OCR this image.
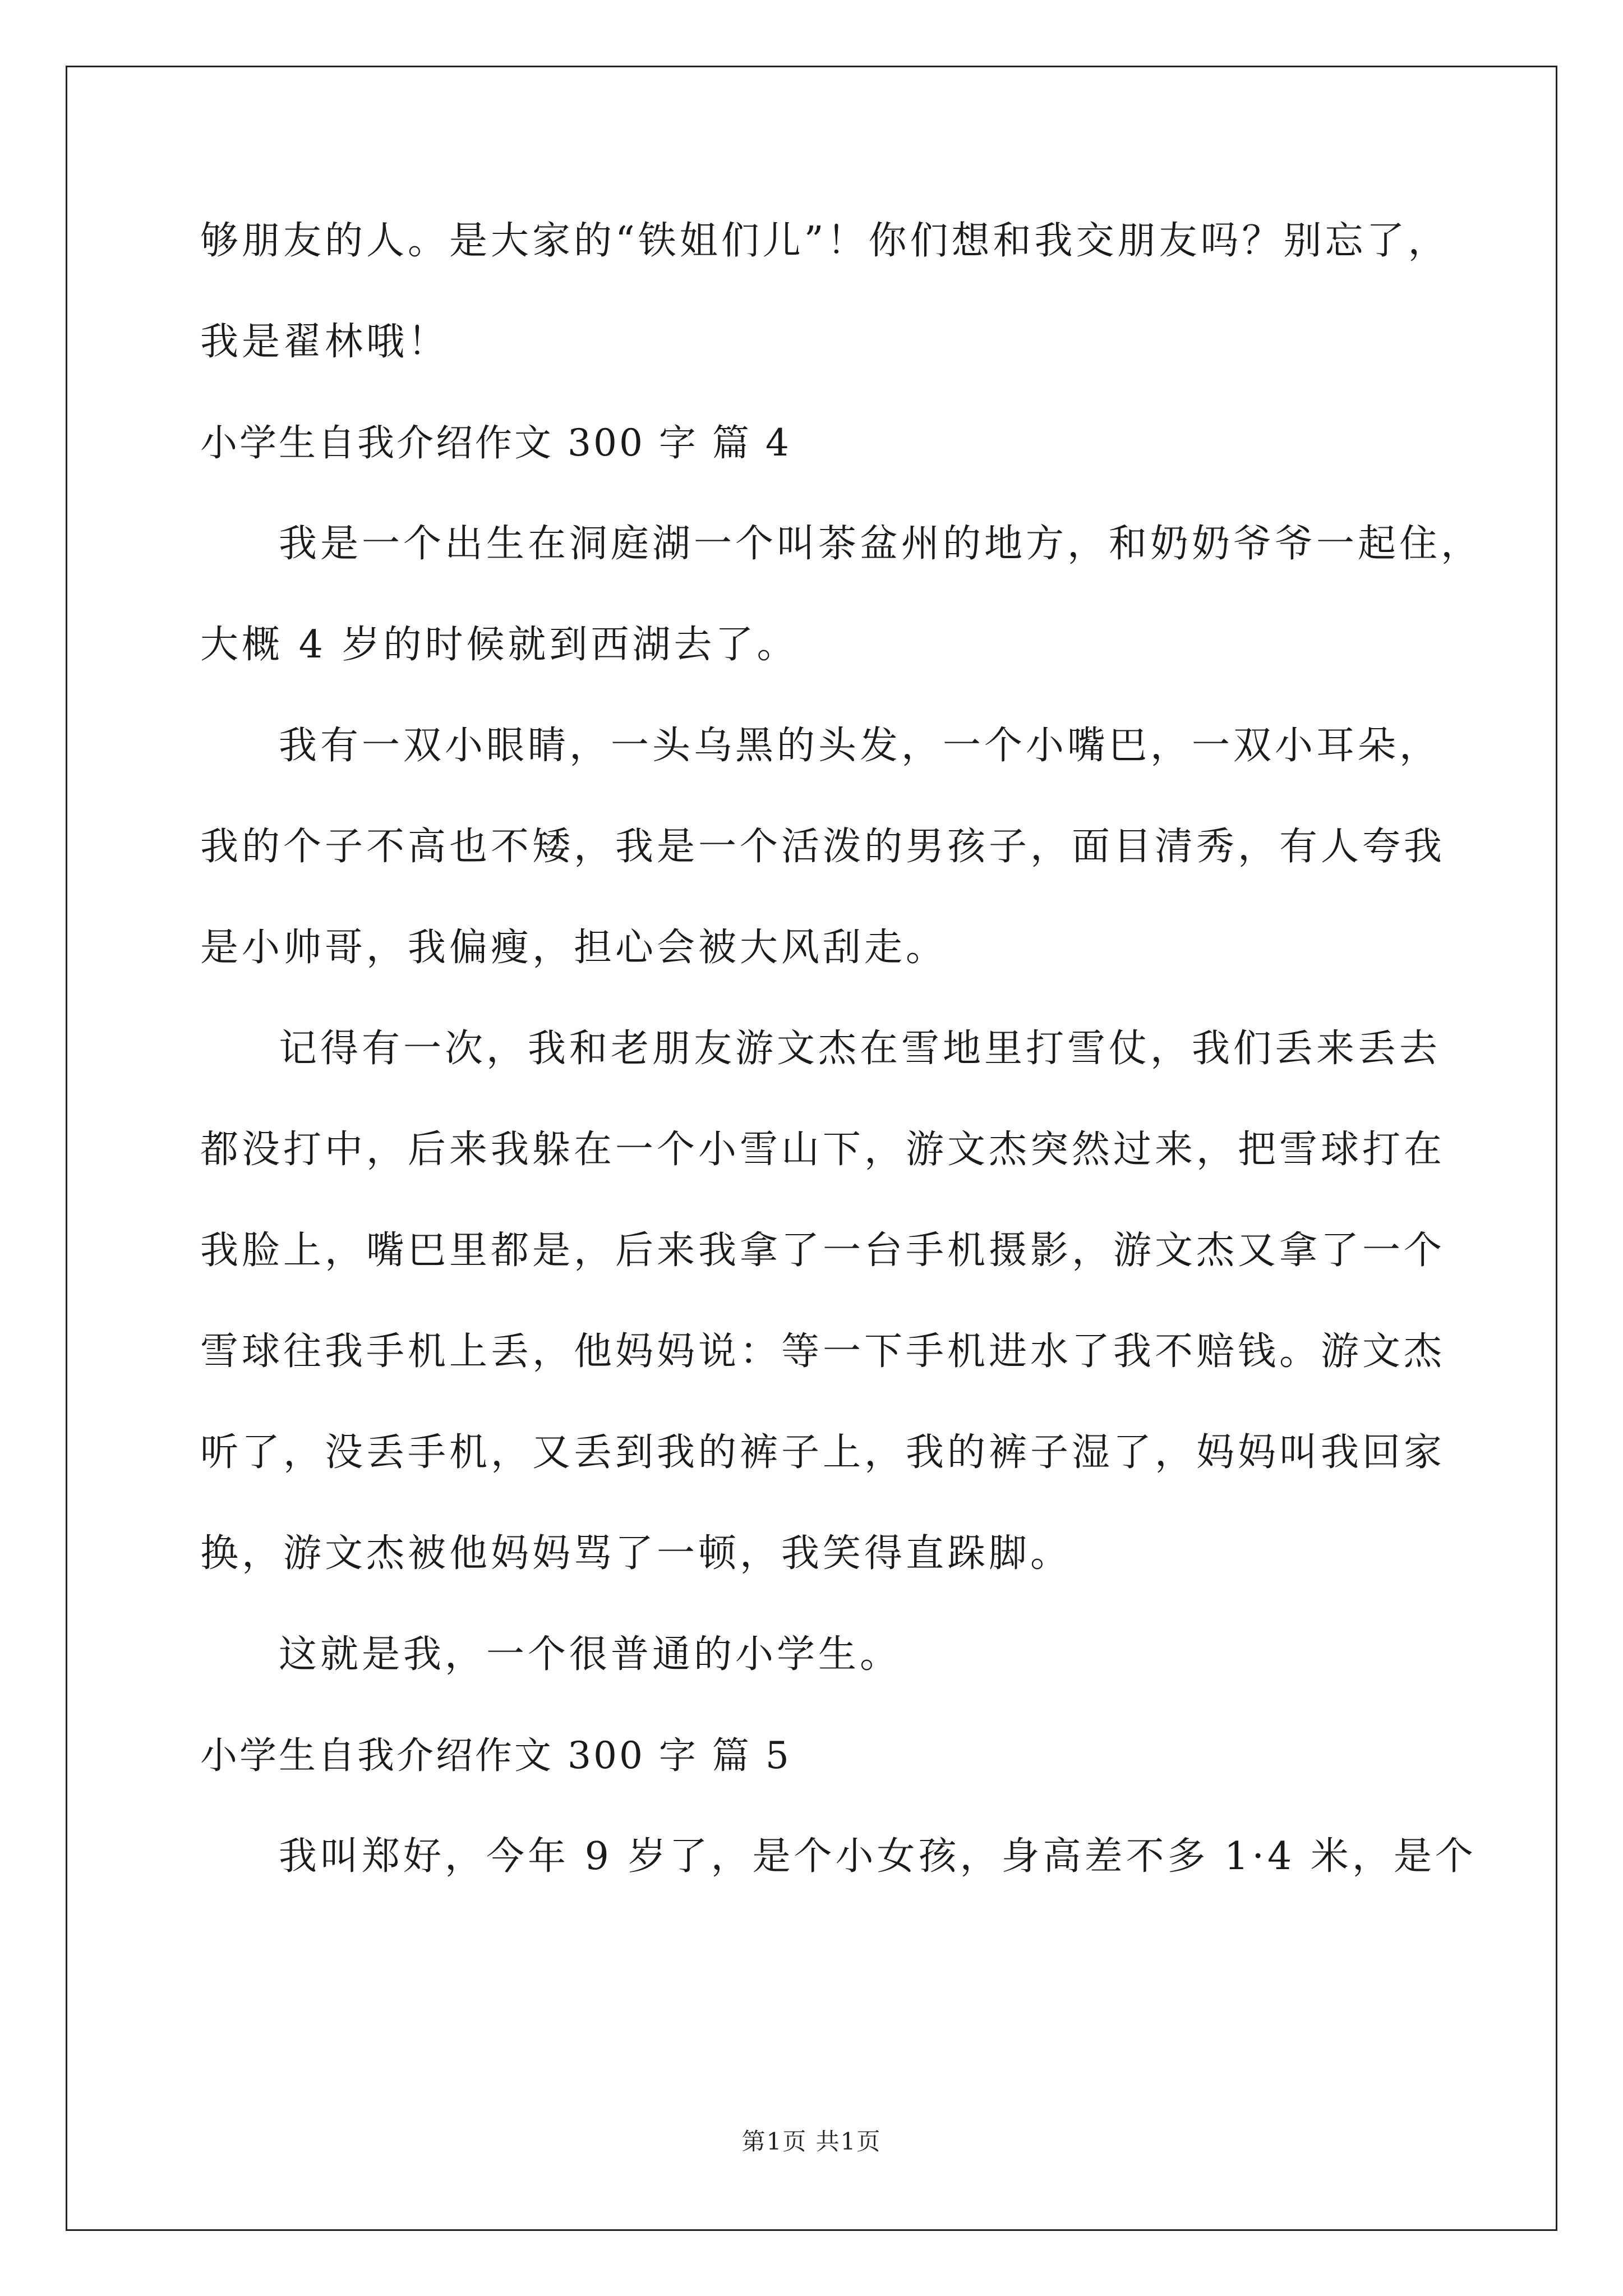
够朋友的人。是大家的“铁姐们儿”！你们想和我交朋友吗？别忘了，
我是翟林哦！
小学生自我介绍作文 300 字 篇 4
我是一个出生在洞庭湖一个叫茶盆州的地方，和奶奶爷爷一起住，
大概 4 岁的时候就到西湖去了。
我有一双小眼睛，一头乌黑的头发，一个小嘴巴，一双小耳朵，
我的个子不高也不矮，我是一个活泼的男孩子，面目清秀，有人夸我
是小帅哥，我偏瘦，担心会被大风刮走。
记得有一次，我和老朋友游文杰在雪地里打雪仗，我们丢来丢去
都没打中，后来我躲在一个小雪山下，游文杰突然过来，把雪球打在
我脸上，嘴巴里都是，后来我拿了一台手机摄影，游文杰又拿了一个
雪球往我手机上丢，他妈妈说：等一下手机进水了我不赔钱。游文杰
听了，没丢手机，又丢到我的裤子上，我的裤子湿了，妈妈叫我回家
换，游文杰被他妈妈骂了一顿，我笑得直跺脚。
这就是我，一个很普通的小学生。
小学生自我介绍作文 300 字 篇 5
我叫郑好，今年 9 岁了，是个小女孩，身高差不多 1·4 米，是个
第1页 共1页
